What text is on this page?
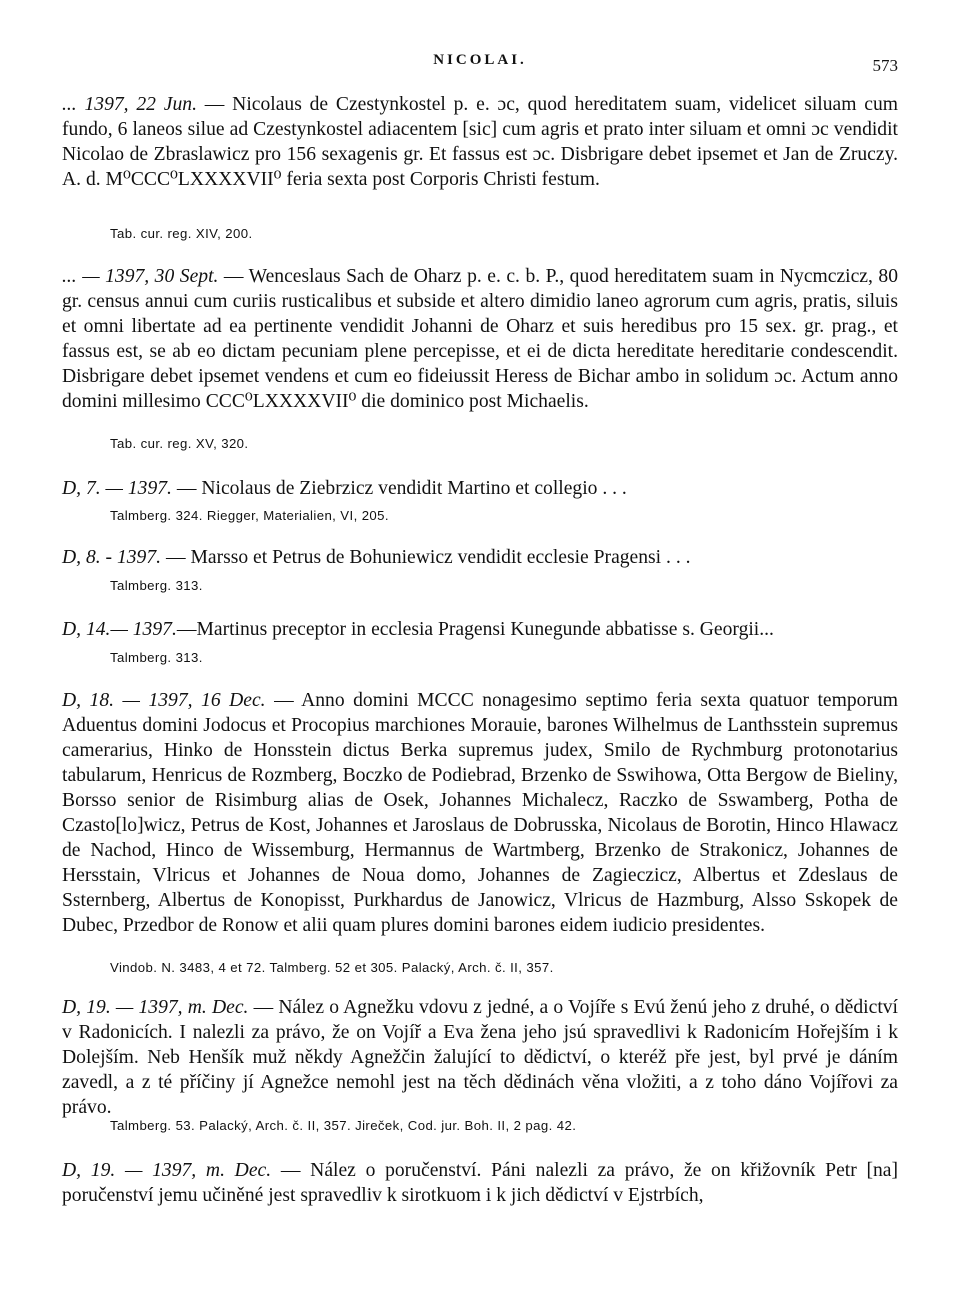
NICOLAI.	573
... 1397, 22 Jun. — Nicolaus de Czestynkostel p. e. ɔc, quod hereditatem suam, videlicet siluam cum fundo, 6 laneos silue ad Czestynkostel adiacentem [sic] cum agris et prato inter siluam et omni ɔc vendidit Nicolao de Zbraslawicz pro 156 sexagenis gr. Et fassus est ɔc. Disbrigare debet ipsemet et Jan de Zruczy. A. d. M⁰CCC⁰LXXXXVII⁰ feria sexta post Corporis Christi festum.
Tab. cur. reg. XIV, 200.
... — 1397, 30 Sept. — Wenceslaus Sach de Oharz p. e. c. b. P., quod hereditatem suam in Nycmczicz, 80 gr. census annui cum curiis rusticalibus et subside et altero dimidio laneo agrorum cum agris, pratis, siluis et omni libertate ad ea pertinente vendidit Johanni de Oharz et suis heredibus pro 15 sex. gr. prag., et fassus est, se ab eo dictam pecuniam plene percepisse, et ei de dicta hereditate hereditarie condescendit. Disbrigare debet ipsemet vendens et cum eo fideiussit Heress de Bichar ambo in solidum ɔc. Actum anno domini millesimo CCC⁰LXXXXVII⁰ die dominico post Michaelis.
Tab. cur. reg. XV, 320.
D, 7. — 1397. — Nicolaus de Ziebrzicz vendidit Martino et collegio . . .
Talmberg. 324. Riegger, Materialien, VI, 205.
D, 8. - 1397. — Marsso et Petrus de Bohuniewicz vendidit ecclesie Pragensi . . .
Talmberg. 313.
D, 14.— 1397.—Martinus preceptor in ecclesia Pragensi Kunegunde abbatisse s. Georgii...
Talmberg. 313.
D, 18. — 1397, 16 Dec. — Anno domini MCCC nonagesimo septimo feria sexta quatuor temporum Aduentus domini Jodocus et Procopius marchiones Morauie, barones Wilhelmus de Lanthsstein supremus camerarius, Hinko de Honsstein dictus Berka supremus judex, Smilo de Rychmburg protonotarius tabularum, Henricus de Rozmberg, Boczko de Podiebrad, Brzenko de Sswihowa, Otta Bergow de Bieliny, Borsso senior de Risimburg alias de Osek, Johannes Michalecz, Raczko de Sswamberg, Potha de Czasto[lo]wicz, Petrus de Kost, Johannes et Jaroslaus de Dobrusska, Nicolaus de Borotin, Hinco Hlawacz de Nachod, Hinco de Wissemburg, Hermannus de Wartmberg, Brzenko de Strakonicz, Johannes de Hersstain, Vlricus et Johannes de Noua domo, Johannes de Zagieczicz, Albertus et Zdeslaus de Ssternberg, Albertus de Konopisst, Purkhardus de Janowicz, Vlricus de Hazmburg, Alsso Sskopek de Dubec, Przedbor de Ronow et alii quam plures domini barones eidem iudicio presidentes.
Vindob. N. 3483, 4 et 72. Talmberg. 52 et 305. Palacký, Arch. č. II, 357.
D, 19. — 1397, m. Dec. — Nález o Agnežku vdovu z jedné, a o Vojíře s Evú ženú jeho z druhé, o dědictví v Radonicích. I nalezli za právo, že on Vojíř a Eva žena jeho jsú spravedlivi k Radonicím Hořejším i k Dolejším. Neb Henšík muž někdy Agnežčin žalující to dědictví, o kteréž pře jest, byl prvé je dáním zavedl, a z té příčiny jí Agnežce nemohl jest na těch dědinách věna vložiti, a z toho dáno Vojířovi za právo.
Talmberg. 53. Palacký, Arch. č. II, 357. Jireček, Cod. jur. Boh. II, 2 pag. 42.
D, 19. — 1397, m. Dec. — Nález o poručenství. Páni nalezli za právo, že on křižovník Petr [na] poručenství jemu učiněné jest spravedliv k sirotkuom i k jich dědictví v Ejstrbích,
